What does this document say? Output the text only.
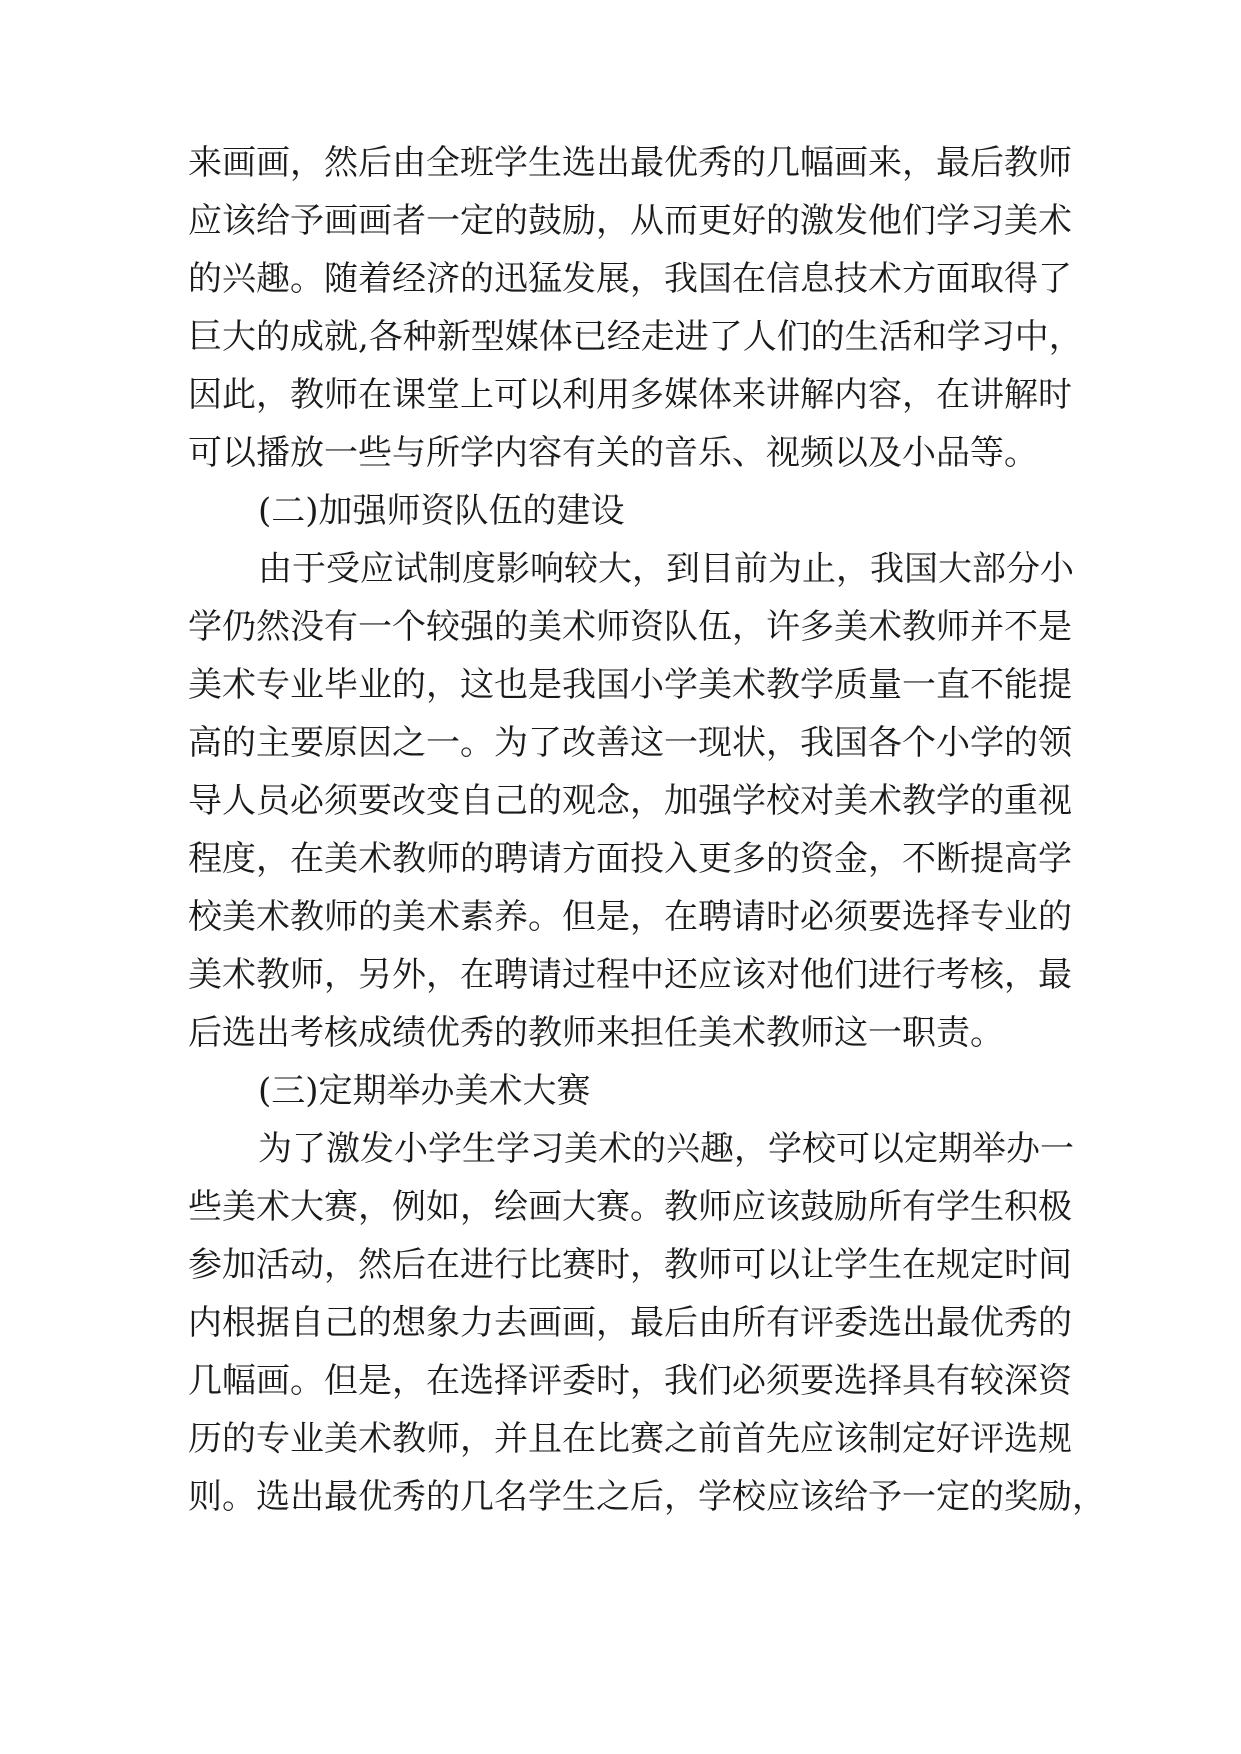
来画画，然后由全班学生选出最优秀的几幅画来，最后教师
应该给予画画者一定的鼓励，从而更好的激发他们学习美术
的兴趣。随着经济的迅猛发展，我国在信息技术方面取得了
巨大的成就,各种新型媒体已经走进了人们的生活和学习中，
因此，教师在课堂上可以利用多媒体来讲解内容，在讲解时
可以播放一些与所学内容有关的音乐、视频以及小品等。
(二)加强师资队伍的建设
由于受应试制度影响较大，到目前为止，我国大部分小
学仍然没有一个较强的美术师资队伍，许多美术教师并不是
美术专业毕业的，这也是我国小学美术教学质量一直不能提
高的主要原因之一。为了改善这一现状，我国各个小学的领
导人员必须要改变自己的观念，加强学校对美术教学的重视
程度，在美术教师的聘请方面投入更多的资金，不断提高学
校美术教师的美术素养。但是，在聘请时必须要选择专业的
美术教师，另外，在聘请过程中还应该对他们进行考核，最
后选出考核成绩优秀的教师来担任美术教师这一职责。
(三)定期举办美术大赛
为了激发小学生学习美术的兴趣，学校可以定期举办一
些美术大赛，例如，绘画大赛。教师应该鼓励所有学生积极
参加活动，然后在进行比赛时，教师可以让学生在规定时间
内根据自己的想象力去画画，最后由所有评委选出最优秀的
几幅画。但是，在选择评委时，我们必须要选择具有较深资
历的专业美术教师，并且在比赛之前首先应该制定好评选规
则。选出最优秀的几名学生之后，学校应该给予一定的奖励，
